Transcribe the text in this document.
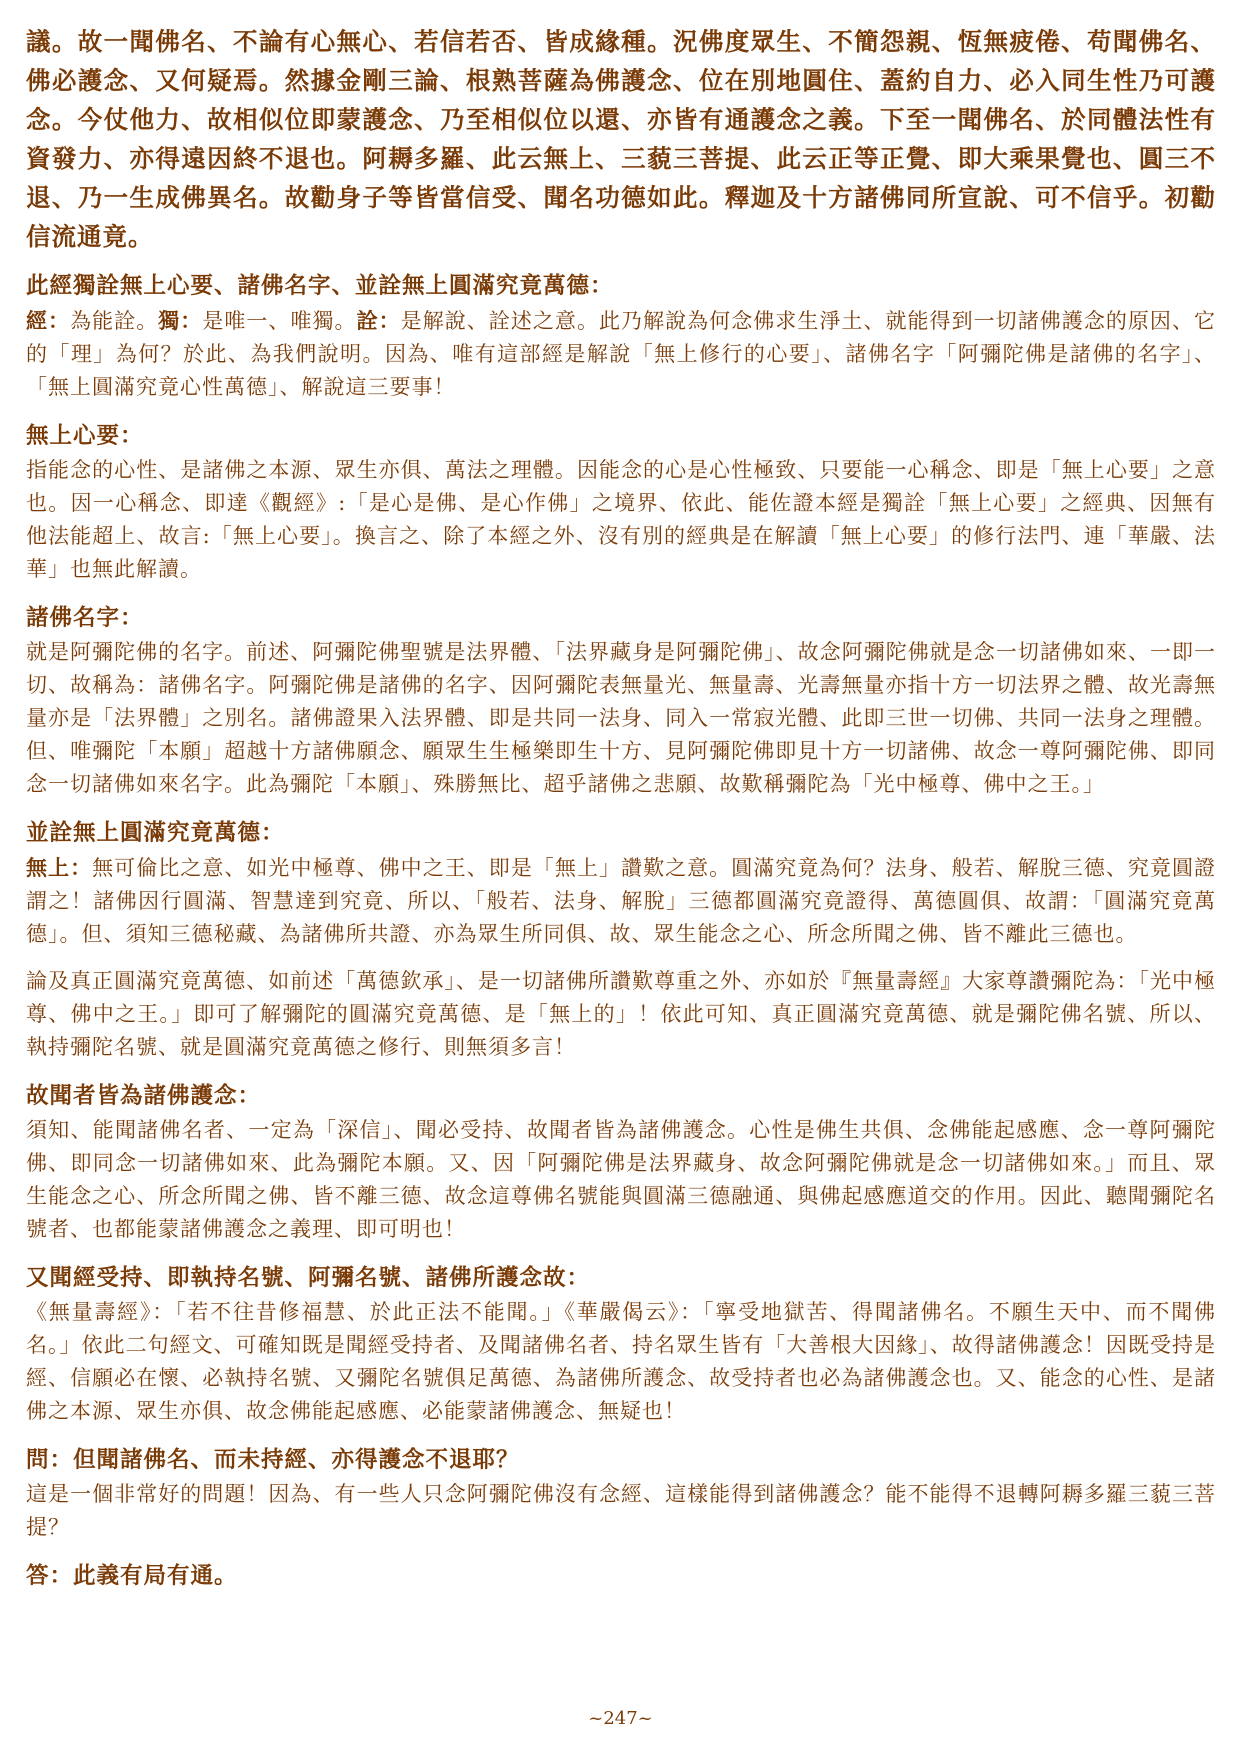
議。故一聞佛名、不論有心無心、若信若否、皆成緣種。況佛度眾生、不簡怨親、恆無疲倦、苟聞佛名、佛必護念、又何疑焉。然據金剛三論、根熟菩薩為佛護念、位在別地圓住、蓋約自力、必入同生性乃可護念。今仗他力、故相似位即蒙護念、乃至相似位以還、亦皆有通護念之義。下至一聞佛名、於同體法性有資發力、亦得遠因終不退也。阿耨多羅、此云無上、三藐三菩提、此云正等正覺、即大乘果覺也、圓三不退、乃一生成佛異名。故勸身子等皆當信受、聞名功德如此。釋迦及十方諸佛同所宣說、可不信乎。初勸信流通竟。

此經獨詮無上心要、諸佛名字、並詮無上圓滿究竟萬德：

經：為能詮。獨：是唯一、唯獨。詮：是解說、詮述之意。此乃解說為何念佛求生淨土、就能得到一切諸佛護念的原因、它的「理」為何？於此、為我們說明。因為、唯有這部經是解說「無上修行的心要」、諸佛名字「阿彌陀佛是諸佛的名字」、「無上圓滿究竟心性萬德」、解說這三要事！

無上心要：

指能念的心性、是諸佛之本源、眾生亦俱、萬法之理體。因能念的心是心性極致、只要能一心稱念、即是「無上心要」之意也。因一心稱念、即達《觀經》:「是心是佛、是心作佛」之境界、依此、能佐證本經是獨詮「無上心要」之經典、因無有他法能超上、故言:「無上心要」。換言之、除了本經之外、沒有別的經典是在解讀「無上心要」的修行法門、連「華嚴、法華」也無此解讀。

諸佛名字：

就是阿彌陀佛的名字。前述、阿彌陀佛聖號是法界體、「法界藏身是阿彌陀佛」、故念阿彌陀佛就是念一切諸佛如來、一即一切、故稱為：諸佛名字。阿彌陀佛是諸佛的名字、因阿彌陀表無量光、無量壽、光壽無量亦指十方一切法界之體、故光壽無量亦是「法界體」之別名。諸佛證果入法界體、即是共同一法身、同入一常寂光體、此即三世一切佛、共同一法身之理體。但、唯彌陀「本願」超越十方諸佛願念、願眾生生極樂即生十方、見阿彌陀佛即見十方一切諸佛、故念一尊阿彌陀佛、即同念一切諸佛如來名字。此為彌陀「本願」、殊勝無比、超乎諸佛之悲願、故歎稱彌陀為「光中極尊、佛中之王。」

並詮無上圓滿究竟萬德：

無上：無可倫比之意、如光中極尊、佛中之王、即是「無上」讚歎之意。圓滿究竟為何？法身、般若、解脫三德、究竟圓證謂之！諸佛因行圓滿、智慧達到究竟、所以、「般若、法身、解脫」三德都圓滿究竟證得、萬德圓俱、故謂：「圓滿究竟萬德」。但、須知三德秘藏、為諸佛所共證、亦為眾生所同俱、故、眾生能念之心、所念所聞之佛、皆不離此三德也。

論及真正圓滿究竟萬德、如前述「萬德欽承」、是一切諸佛所讚歎尊重之外、亦如於『無量壽經』大家尊讚彌陀為：「光中極尊、佛中之王。」即可了解彌陀的圓滿究竟萬德、是「無上的」！依此可知、真正圓滿究竟萬德、就是彌陀佛名號、所以、執持彌陀名號、就是圓滿究竟萬德之修行、則無須多言！

故聞者皆為諸佛護念：

須知、能聞諸佛名者、一定為「深信」、聞必受持、故聞者皆為諸佛護念。心性是佛生共俱、念佛能起感應、念一尊阿彌陀佛、即同念一切諸佛如來、此為彌陀本願。又、因「阿彌陀佛是法界藏身、故念阿彌陀佛就是念一切諸佛如來。」而且、眾生能念之心、所念所聞之佛、皆不離三德、故念這尊佛名號能與圓滿三德融通、與佛起感應道交的作用。因此、聽聞彌陀名號者、也都能蒙諸佛護念之義理、即可明也！

又聞經受持、即執持名號、阿彌名號、諸佛所護念故：

《無量壽經》：「若不往昔修福慧、於此正法不能聞。」《華嚴偈云》：「寧受地獄苦、得聞諸佛名。不願生天中、而不聞佛名。」依此二句經文、可確知既是聞經受持者、及聞諸佛名者、持名眾生皆有「大善根大因緣」、故得諸佛護念！因既受持是經、信願必在懷、必執持名號、又彌陀名號俱足萬德、為諸佛所護念、故受持者也必為諸佛護念也。又、能念的心性、是諸佛之本源、眾生亦俱、故念佛能起感應、必能蒙諸佛護念、無疑也！

問：但聞諸佛名、而未持經、亦得護念不退耶？

這是一個非常好的問題！因為、有一些人只念阿彌陀佛沒有念經、這樣能得到諸佛護念？能不能得不退轉阿耨多羅三藐三菩提？

答：此義有局有通。
~247~
